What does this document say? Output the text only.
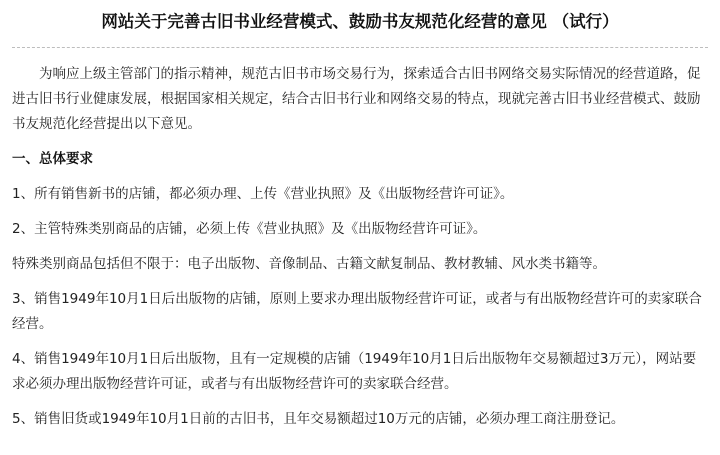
网站关于完善古旧书业经营模式、鼓励书友规范化经营的意见 （试行）

为响应上级主管部门的指示精神，规范古旧书市场交易行为，探索适合古旧书网络交易实际情况的经营道路，促进古旧书行业健康发展，根据国家相关规定，结合古旧书行业和网络交易的特点，现就完善古旧书业经营模式、鼓励书友规范化经营提出以下意见。

一、总体要求

1、所有销售新书的店铺，都必须办理、上传《营业执照》及《出版物经营许可证》。

2、主管特殊类别商品的店铺，必须上传《营业执照》及《出版物经营许可证》。

特殊类别商品包括但不限于：电子出版物、音像制品、古籍文献复制品、教材教辅、风水类书籍等。

3、销售1949年10月1日后出版物的店铺，原则上要求办理出版物经营许可证，或者与有出版物经营许可的卖家联合经营。

4、销售1949年10月1日后出版物，且有一定规模的店铺（1949年10月1日后出版物年交易额超过3万元），网站要求必须办理出版物经营许可证，或者与有出版物经营许可的卖家联合经营。

5、销售旧货或1949年10月1日前的古旧书，且年交易额超过10万元的店铺，必须办理工商注册登记。
